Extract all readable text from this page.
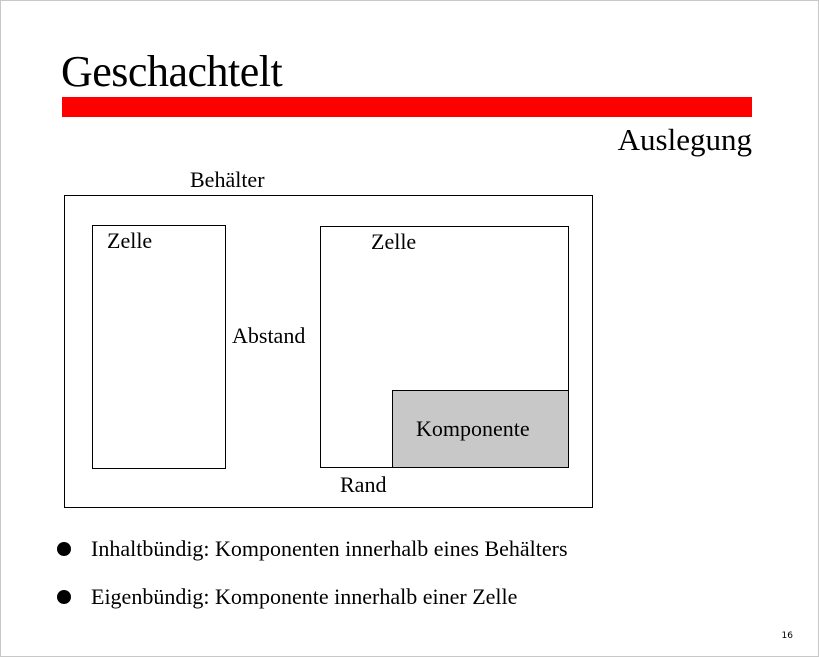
Geschachtelt
Auslegung
Behälter
Zelle
Abstand
Zelle
Komponente
Rand
Inhaltbündig: Komponenten innerhalb eines Behälters
Eigenbündig: Komponente innerhalb einer Zelle
16
